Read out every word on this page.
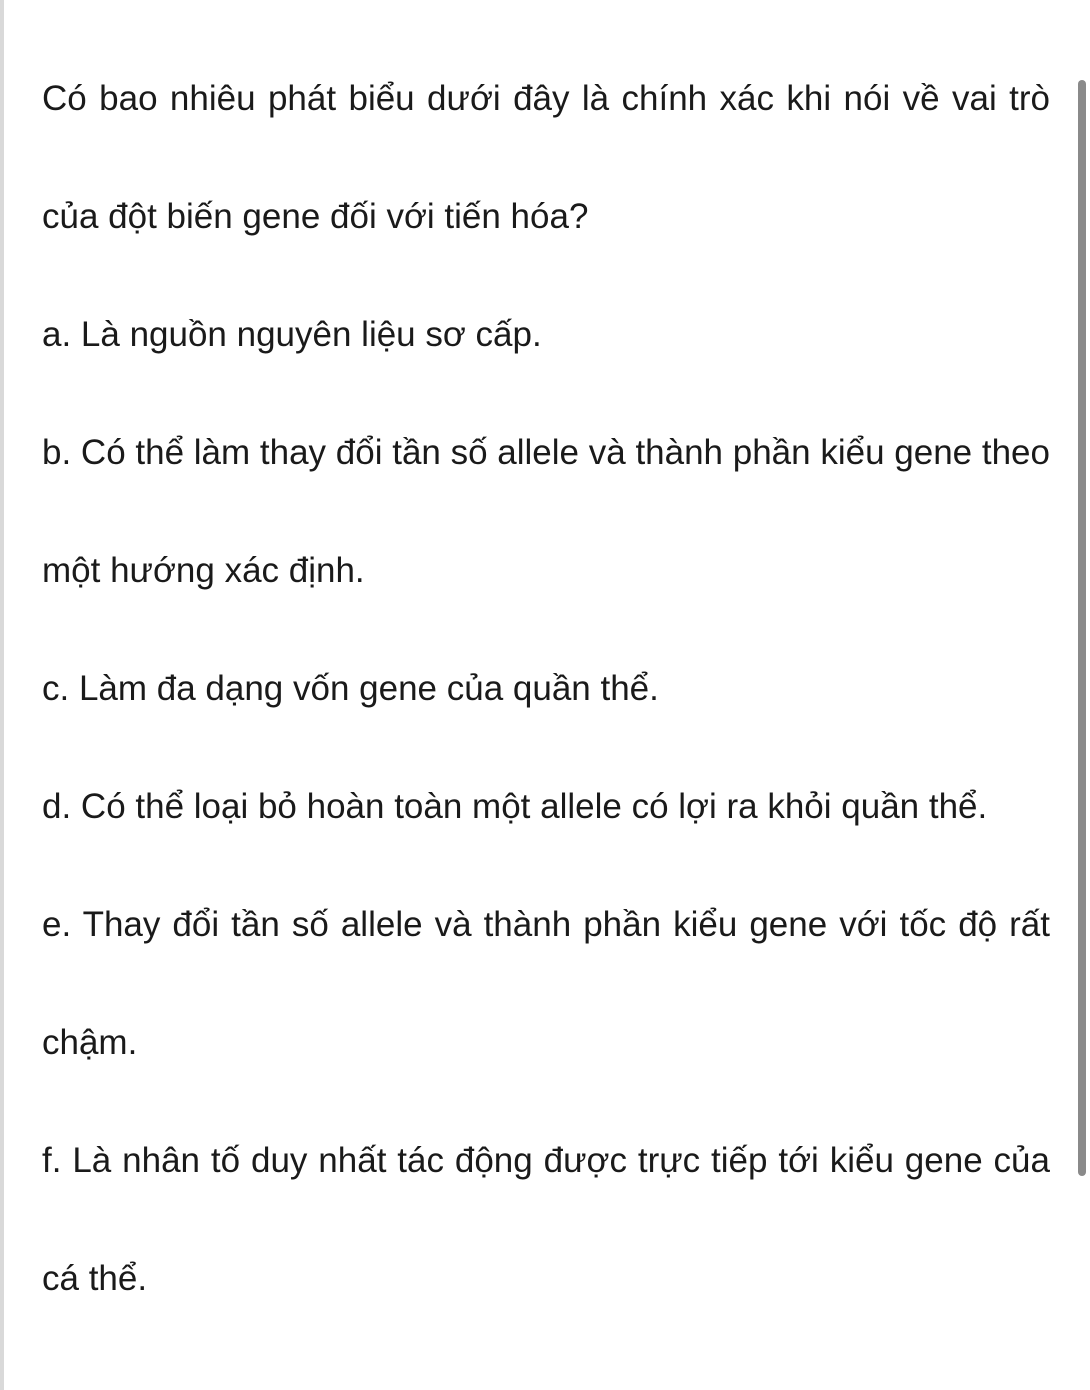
Có bao nhiêu phát biểu dưới đây là chính xác khi nói về vai trò của đột biến gene đối với tiến hóa?

a. Là nguồn nguyên liệu sơ cấp.

b. Có thể làm thay đổi tần số allele và thành phần kiểu gene theo một hướng xác định.

c. Làm đa dạng vốn gene của quần thể.

d. Có thể loại bỏ hoàn toàn một allele có lợi ra khỏi quần thể.

e. Thay đổi tần số allele và thành phần kiểu gene với tốc độ rất chậm.

f. Là nhân tố duy nhất tác động được trực tiếp tới kiểu gene của cá thể.
